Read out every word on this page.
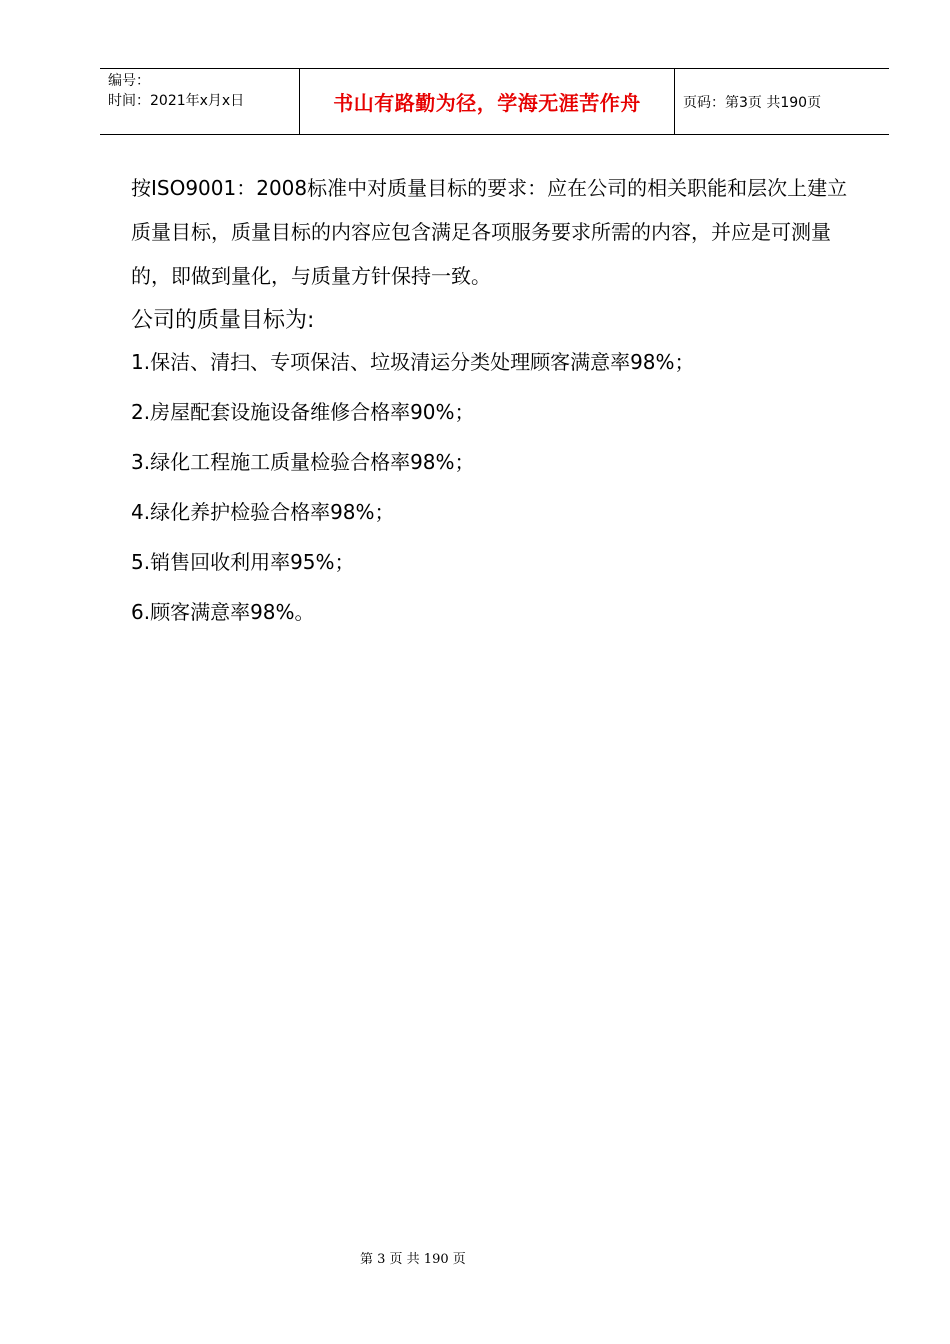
编号：
时间：2021年x月x日	书山有路勤为径，学海无涯苦作舟	页码：第3页 共190页

按ISO9001：2008标准中对质量目标的要求：应在公司的相关职能和层次上建立质量目标，质量目标的内容应包含满足各项服务要求所需的内容，并应是可测量的，即做到量化，与质量方针保持一致。

公司的质量目标为:
1.保洁、清扫、专项保洁、垃圾清运分类处理顾客满意率98%；
2.房屋配套设施设备维修合格率90%；
3.绿化工程施工质量检验合格率98%；
4.绿化养护检验合格率98%；
5.销售回收利用率95%；
6.顾客满意率98%。
第 3 页 共 190 页
